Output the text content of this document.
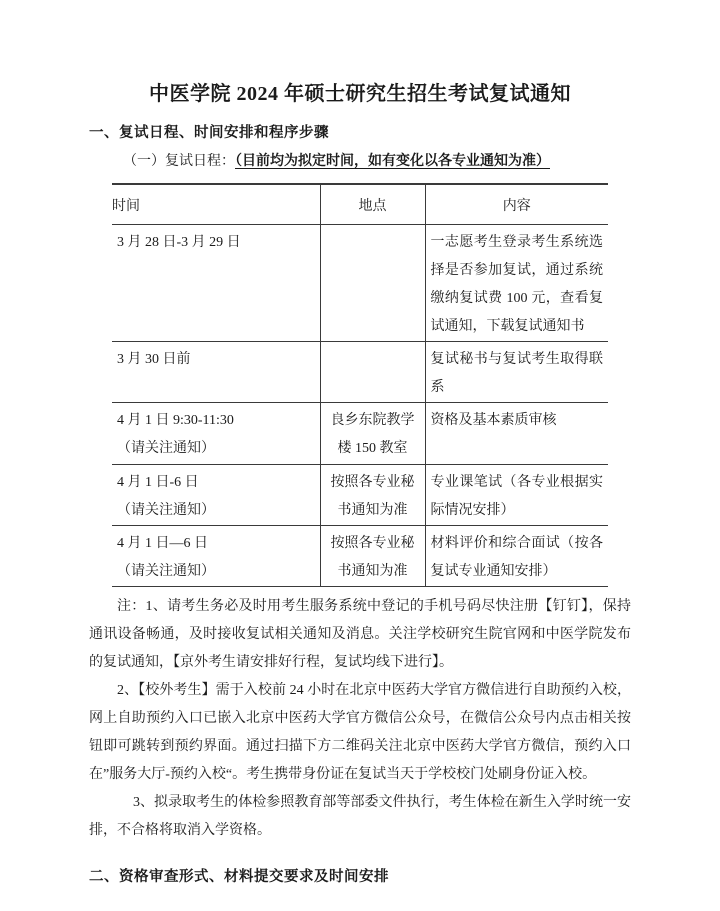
中医学院 2024 年硕士研究生招生考试复试通知
一、复试日程、时间安排和程序步骤

（一）复试日程：（目前均为拟定时间，如有变化以各专业通知为准）

时间	地点	内容

3 月 28 日-3 月 29 日		一志愿考生登录考生系统选择是否参加复试，通过系统缴纳复试费 100 元，查看复试通知，下载复试通知书

3 月 30 日前		复试秘书与复试考生取得联系

4 月 1 日 9:30-11:30
（请关注通知）	良乡东院教学楼 150 教室	资格及基本素质审核

4 月 1 日-6 日
（请关注通知）	按照各专业秘书通知为准	专业课笔试（各专业根据实际情况安排）

4 月 1 日—6 日
（请关注通知）	按照各专业秘书通知为准	材料评价和综合面试（按各复试专业通知安排）

注：1、请考生务必及时用考生服务系统中登记的手机号码尽快注册【钉钉】，保持通讯设备畅通，及时接收复试相关通知及消息。关注学校研究生院官网和中医学院发布的复试通知，【京外考生请安排好行程，复试均线下进行】。

2、【校外考生】需于入校前 24 小时在北京中医药大学官方微信进行自助预约入校，网上自助预约入口已嵌入北京中医药大学官方微信公众号，在微信公众号内点击相关按钮即可跳转到预约界面。通过扫描下方二维码关注北京中医药大学官方微信，预约入口在”服务大厅-预约入校“。考生携带身份证在复试当天于学校校门处刷身份证入校。

3、拟录取考生的体检参照教育部等部委文件执行，考生体检在新生入学时统一安排，不合格将取消入学资格。

二、资格审查形式、材料提交要求及时间安排
